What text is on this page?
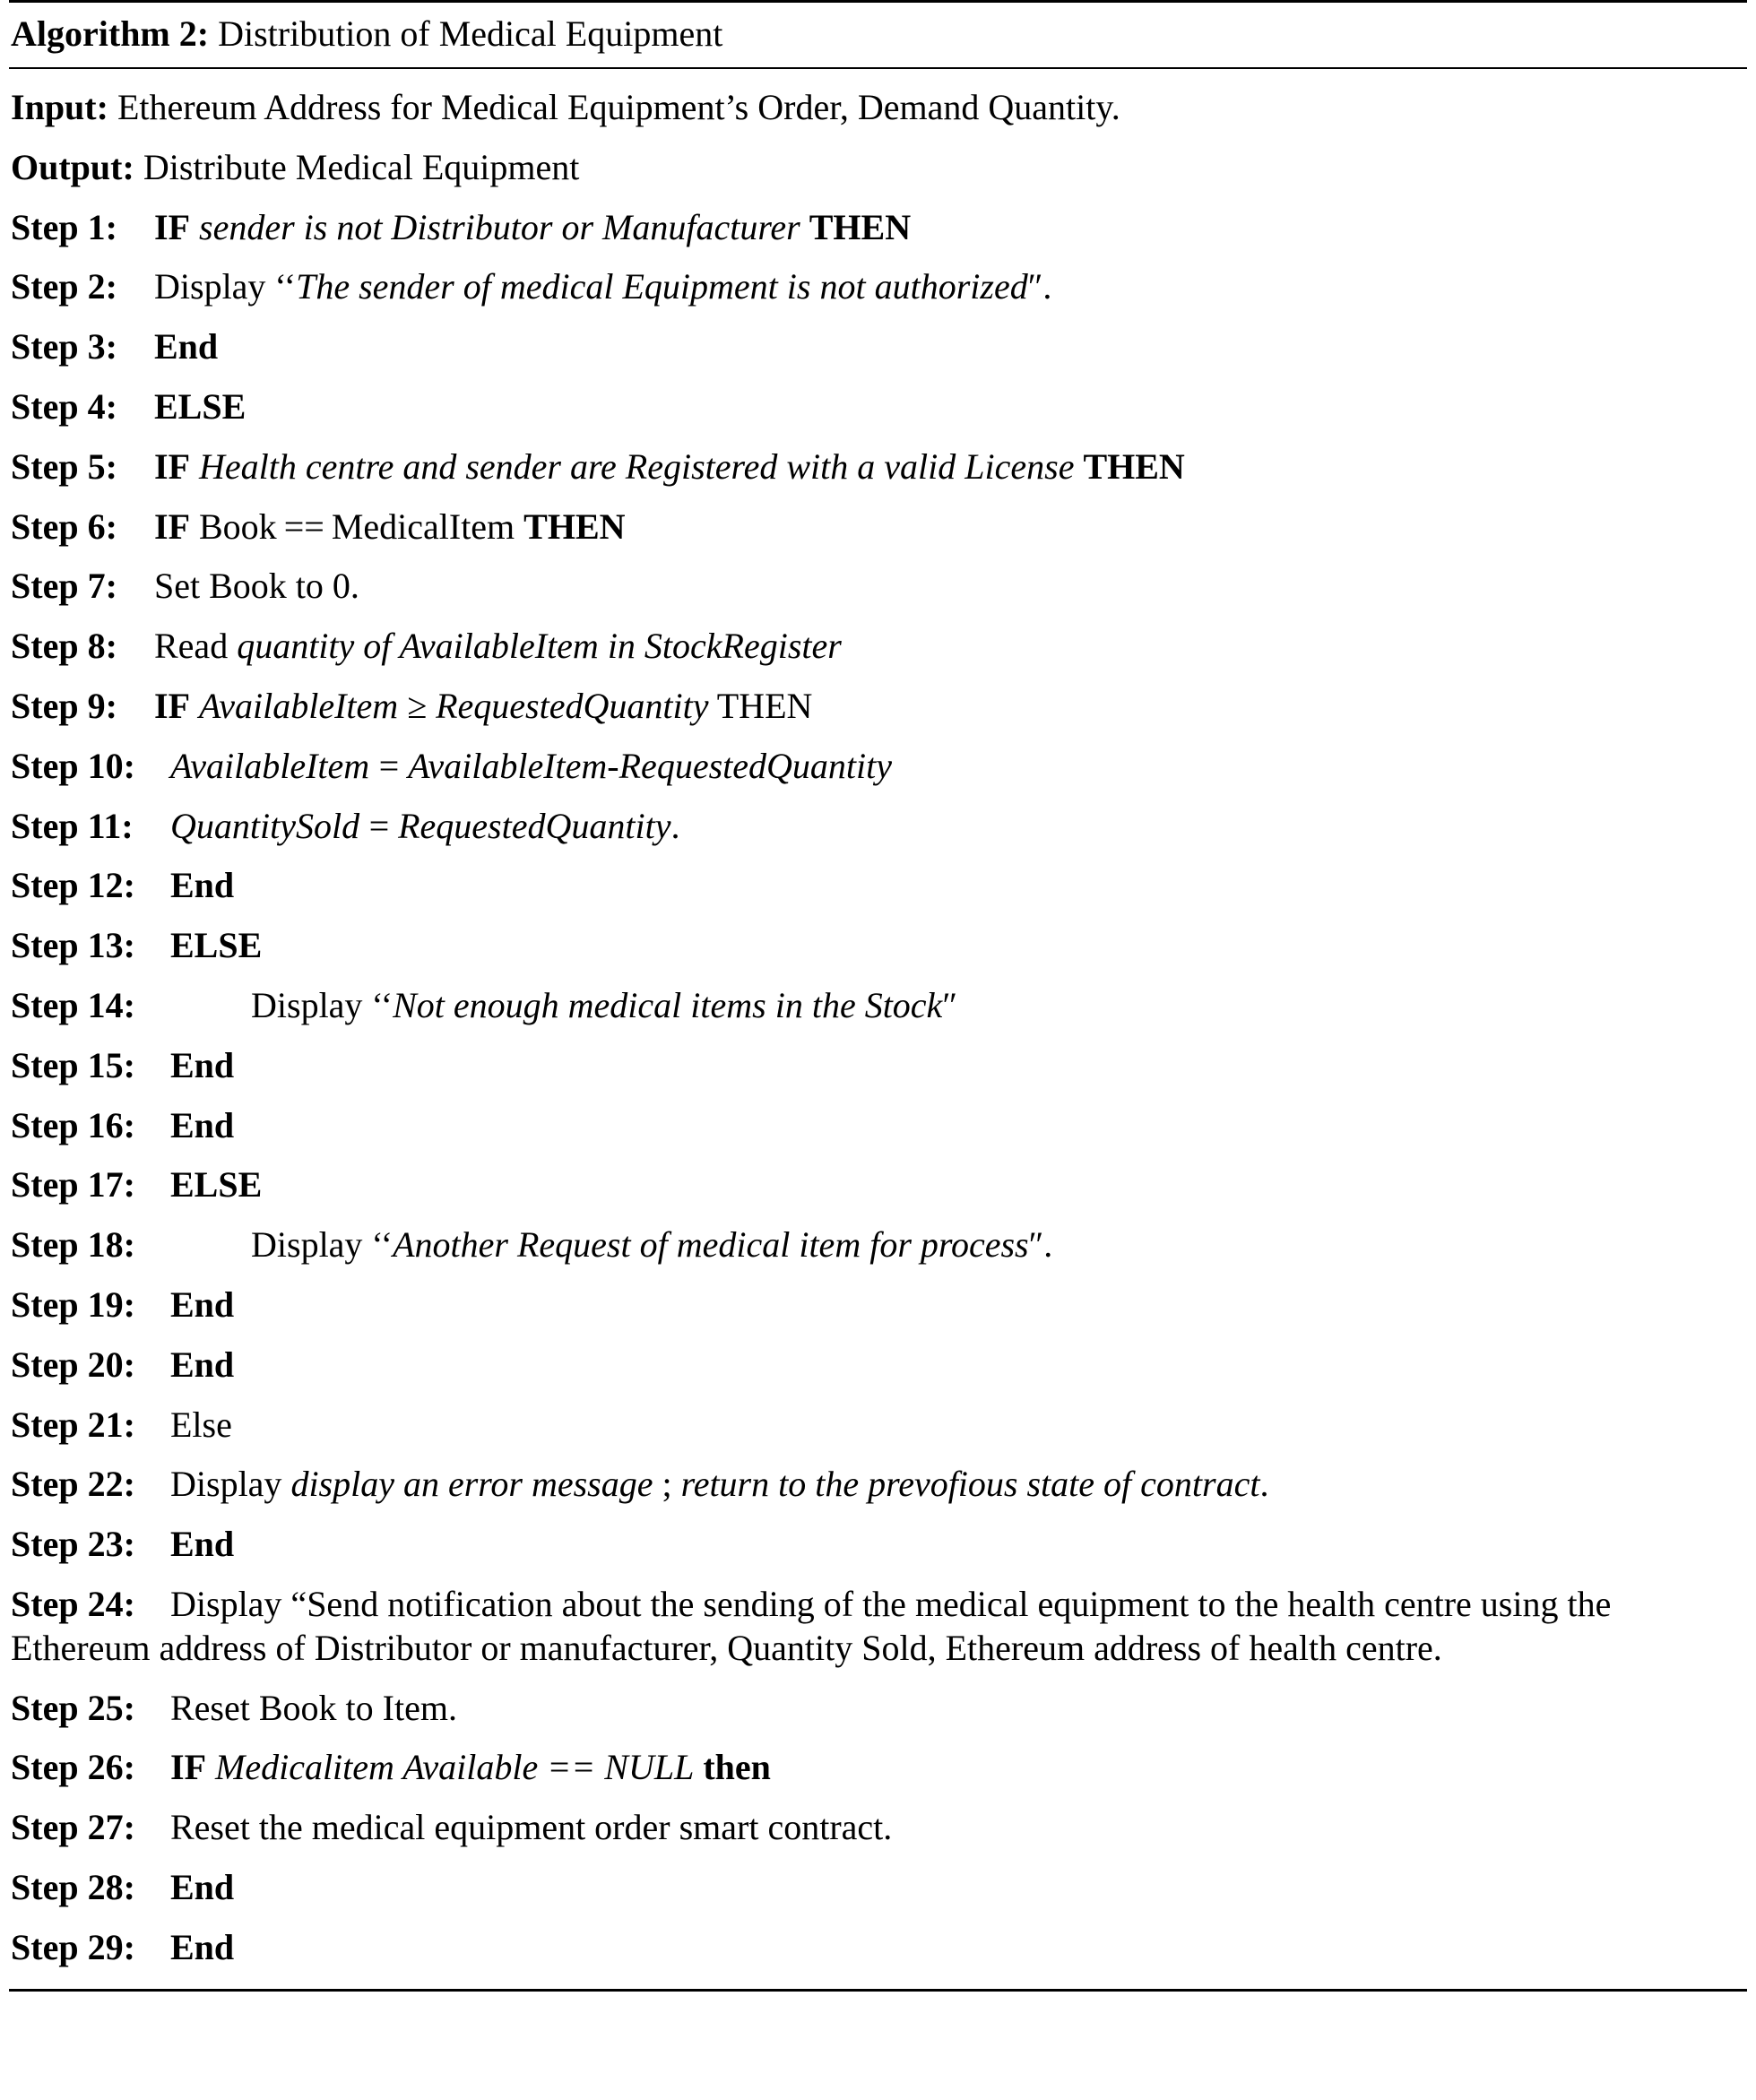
Algorithm 2: Distribution of Medical Equipment
Input: Ethereum Address for Medical Equipment’s Order, Demand Quantity.
Output: Distribute Medical Equipment
Step 1: IF sender is not Distributor or Manufacturer THEN
Step 2: Display ‘‘The sender of medical Equipment is not authorized″.
Step 3: End
Step 4: ELSE
Step 5: IF Health centre and sender are Registered with a valid License THEN
Step 6: IF Book == MedicalItem THEN
Step 7: Set Book to 0.
Step 8: Read quantity of AvailableItem in StockRegister
Step 9: IF AvailableItem ≥ RequestedQuantity THEN
Step 10: AvailableItem = AvailableItem-RequestedQuantity
Step 11: QuantitySold = RequestedQuantity.
Step 12: End
Step 13: ELSE
Step 14:	Display ‘‘Not enough medical items in the Stock″
Step 15: End
Step 16: End
Step 17: ELSE
Step 18:	Display ‘‘Another Request of medical item for process″.
Step 19: End
Step 20: End
Step 21: Else
Step 22: Display display an error message ; return to the prevofious state of contract.
Step 23: End
Step 24: Display “Send notification about the sending of the medical equipment to the health centre using the Ethereum address of Distributor or manufacturer, Quantity Sold, Ethereum address of health centre.
Step 25: Reset Book to Item.
Step 26: IF Medicalitem Available == NULL then
Step 27: Reset the medical equipment order smart contract.
Step 28: End
Step 29: End
